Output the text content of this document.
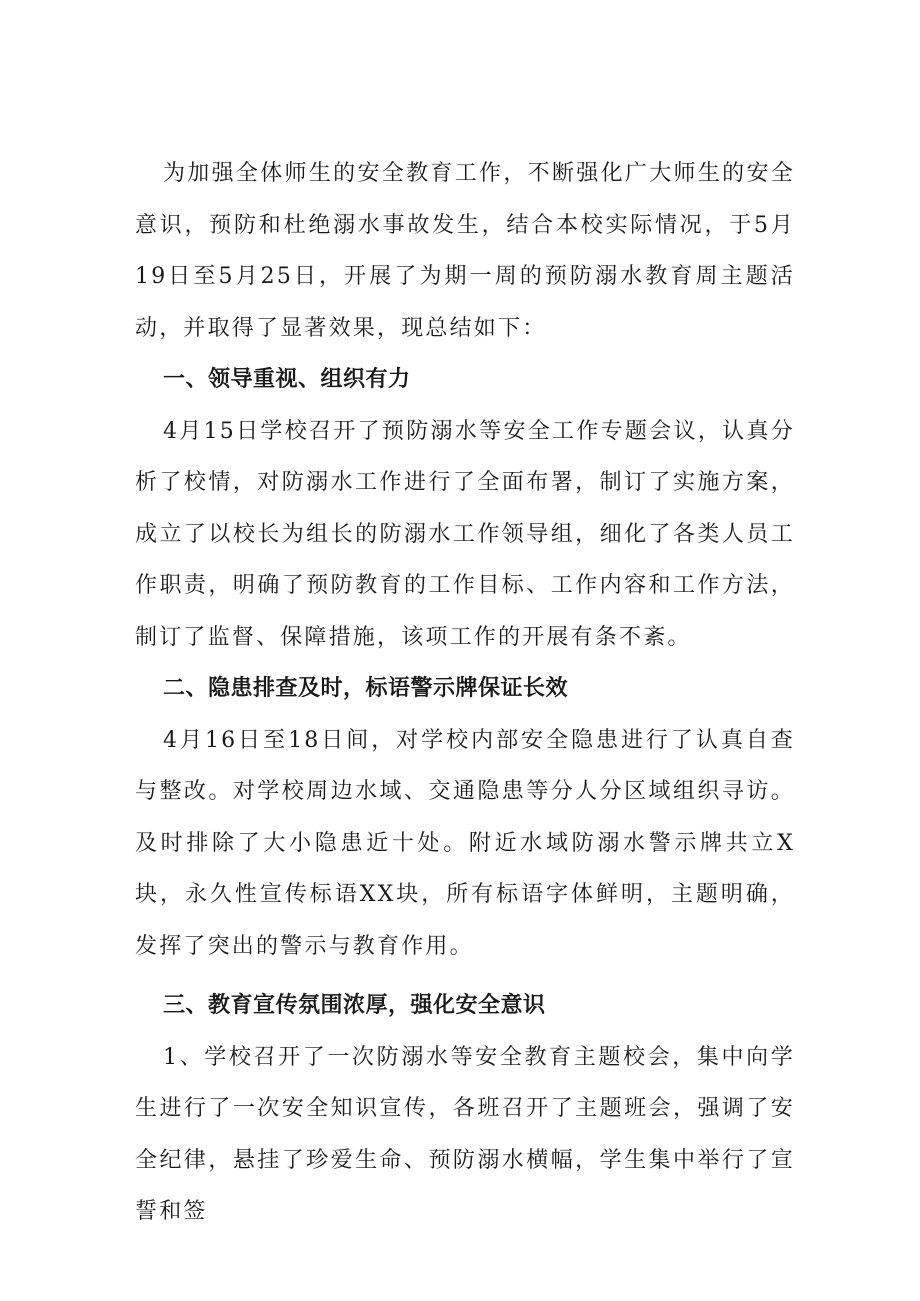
为加强全体师生的安全教育工作，不断强化广大师生的安全意识，预防和杜绝溺水事故发生，结合本校实际情况，于5月19日至5月25日，开展了为期一周的预防溺水教育周主题活动，并取得了显著效果，现总结如下：

一、领导重视、组织有力

4月15日学校召开了预防溺水等安全工作专题会议，认真分析了校情，对防溺水工作进行了全面布署，制订了实施方案，成立了以校长为组长的防溺水工作领导组，细化了各类人员工作职责，明确了预防教育的工作目标、工作内容和工作方法，制订了监督、保障措施，该项工作的开展有条不紊。

二、隐患排查及时，标语警示牌保证长效

4月16日至18日间，对学校内部安全隐患进行了认真自查与整改。对学校周边水域、交通隐患等分人分区域组织寻访。及时排除了大小隐患近十处。附近水域防溺水警示牌共立X块，永久性宣传标语XX块，所有标语字体鲜明，主题明确，发挥了突出的警示与教育作用。

三、教育宣传氛围浓厚，强化安全意识

1、学校召开了一次防溺水等安全教育主题校会，集中向学生进行了一次安全知识宣传，各班召开了主题班会，强调了安全纪律，悬挂了珍爱生命、预防溺水横幅，学生集中举行了宣誓和签
